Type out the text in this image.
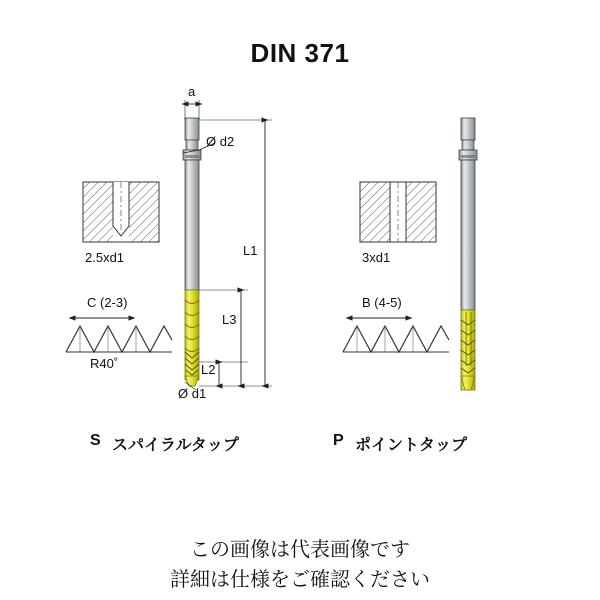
DIN 371
a
Ø d2
Ø d1
L1
L3
L2
2.5xd1
C (2-3)
R40˚
3xd1
B (4-5)
S スパイラルタップ	P ポイントタップ
この画像は代表画像です
詳細は仕様をご確認ください
